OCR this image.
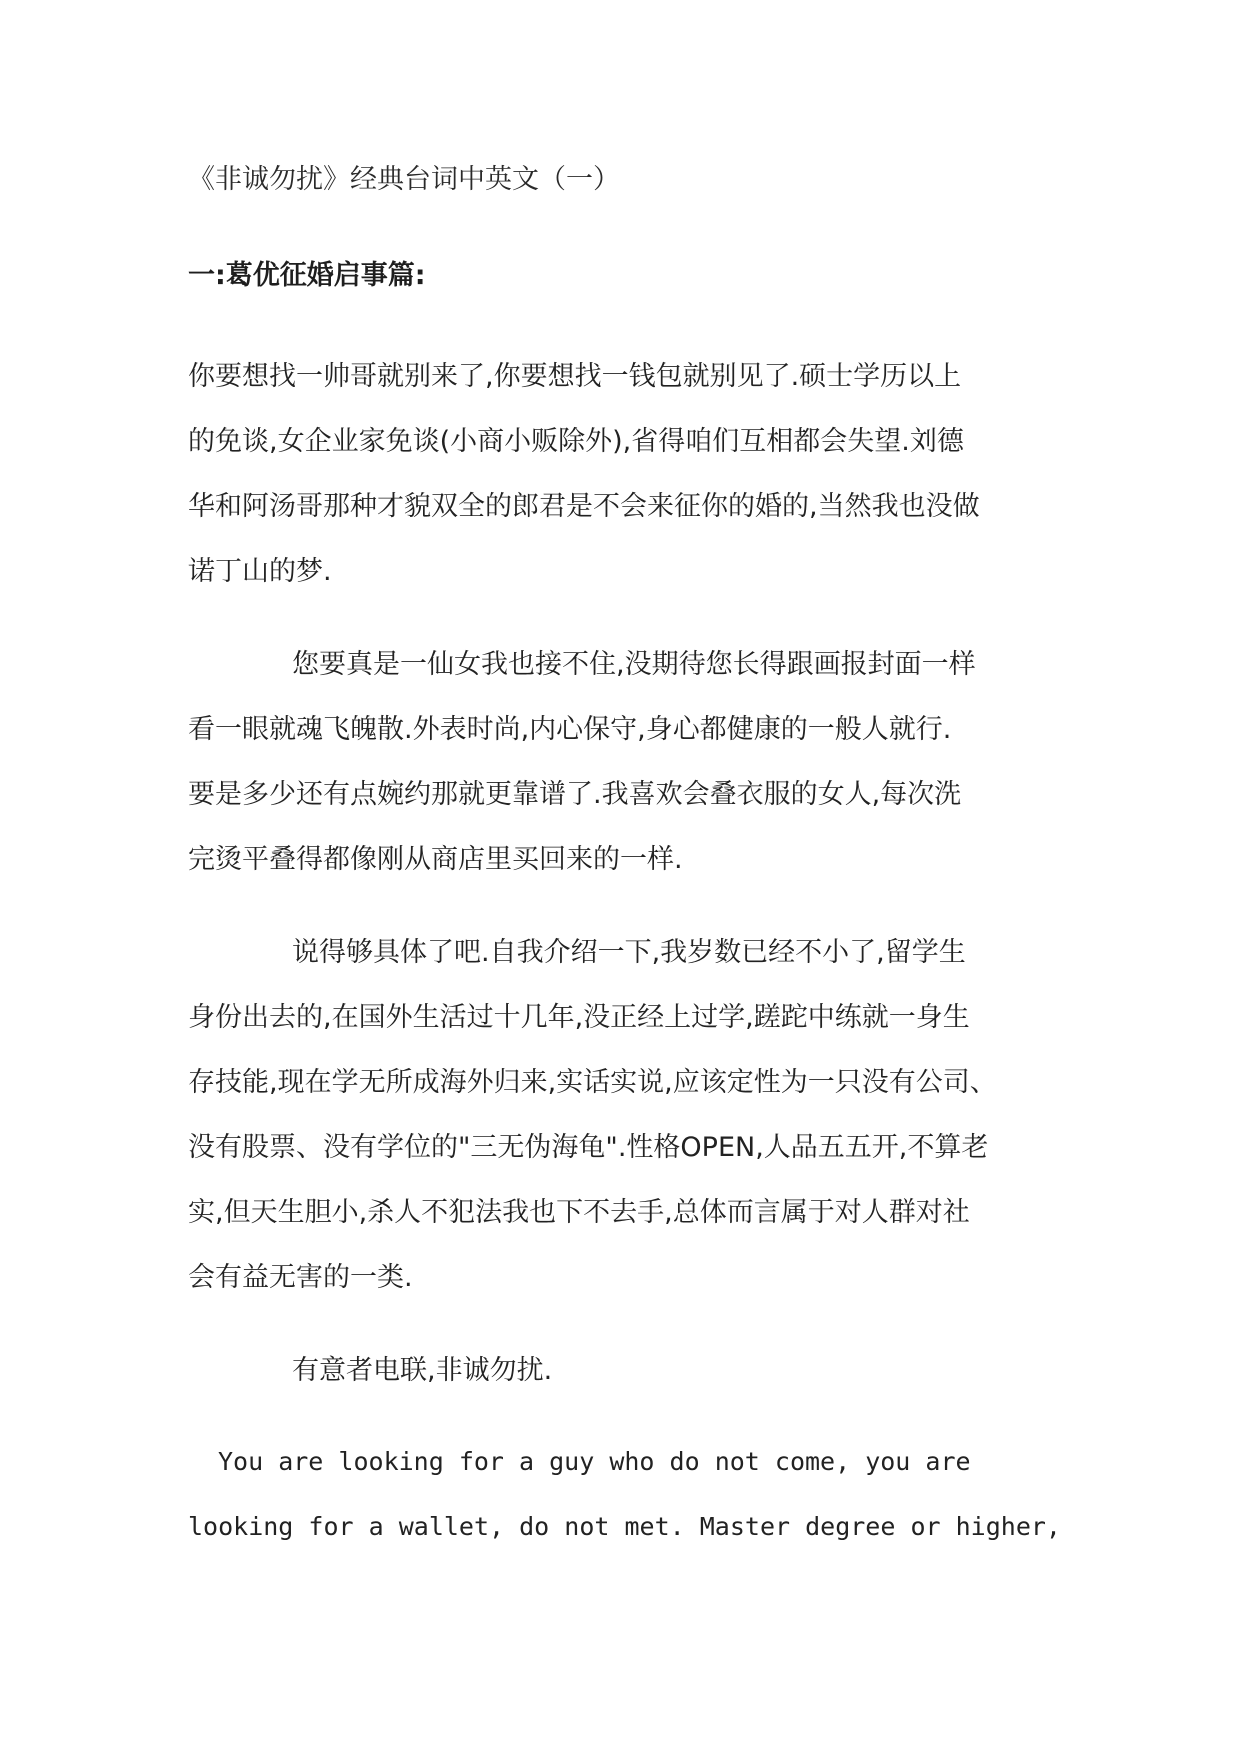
《非诚勿扰》经典台词中英文（一）
一:葛优征婚启事篇:

你要想找一帅哥就别来了,你要想找一钱包就别见了.硕士学历以上
的免谈,女企业家免谈(小商小贩除外),省得咱们互相都会失望.刘德
华和阿汤哥那种才貌双全的郎君是不会来征你的婚的,当然我也没做
诺丁山的梦.

您要真是一仙女我也接不住,没期待您长得跟画报封面一样
看一眼就魂飞魄散.外表时尚,内心保守,身心都健康的一般人就行.
要是多少还有点婉约那就更靠谱了.我喜欢会叠衣服的女人,每次洗
完烫平叠得都像刚从商店里买回来的一样.

说得够具体了吧.自我介绍一下,我岁数已经不小了,留学生
身份出去的,在国外生活过十几年,没正经上过学,蹉跎中练就一身生
存技能,现在学无所成海外归来,实话实说,应该定性为一只没有公司、
没有股票、没有学位的"三无伪海龟".性格OPEN,人品五五开,不算老
实,但天生胆小,杀人不犯法我也下不去手,总体而言属于对人群对社
会有益无害的一类.

有意者电联,非诚勿扰.

You are looking for a guy who do not come, you are
looking for a wallet, do not met. Master degree or higher,
